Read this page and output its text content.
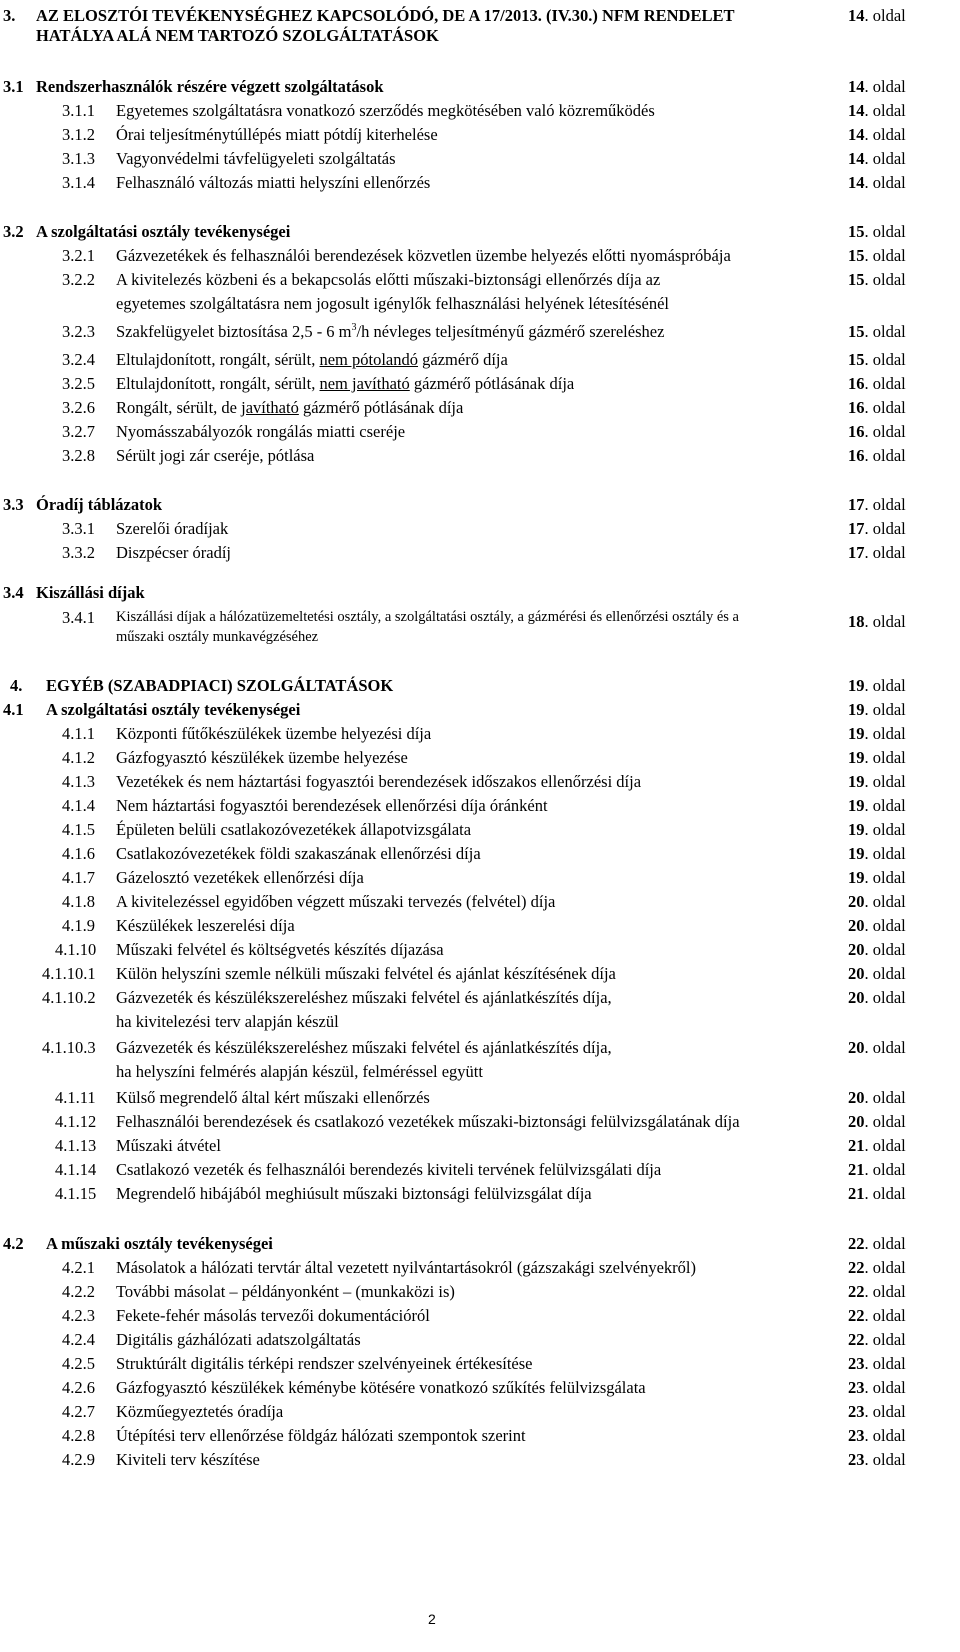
3. AZ ELOSZTÓI TEVÉKENYSÉGHEZ KAPCSOLÓDÓ, DE A 17/2013. (IV.30.) NFM RENDELET	14. oldal
HATÁLYA ALÁ NEM TARTOZÓ SZOLGÁLTATÁSOK
3.1 Rendszerhasználók részére végzett szolgáltatások	14. oldal
3.1.1 Egyetemes szolgáltatásra vonatkozó szerződés megkötésében való közreműködés	14. oldal
3.1.2 Órai teljesítménytúllépés miatt pótdíj kiterhelése	14. oldal
3.1.3 Vagyonvédelmi távfelügyeleti szolgáltatás	14. oldal
3.1.4 Felhasználó változás miatti helyszíni ellenőrzés	14. oldal
3.2 A szolgáltatási osztály tevékenységei	15. oldal
3.2.1 Gázvezetékek és felhasználói berendezések közvetlen üzembe helyezés előtti nyomáspróbája	15. oldal
3.2.2 A kivitelezés közbeni és a bekapcsolás előtti műszaki-biztonsági ellenőrzés díja az	15. oldal
egyetemes szolgáltatásra nem jogosult igénylők felhasználási helyének létesítésénél
3.2.3 Szakfelügyelet biztosítása 2,5 - 6 $m^3/h$ névleges teljesítményű gázmérő szereléshez	15. oldal
3.2.4 Eltulajdonított, rongált, sérült, nem pótolandó gázmérő díja	15. oldal
3.2.5 Eltulajdonított, rongált, sérült, nem javítható gázmérő pótlásának díja	16. oldal
3.2.6 Rongált, sérült, de javítható gázmérő pótlásának díja	16. oldal
3.2.7 Nyomásszabályozók rongálás miatti cseréje	16. oldal
3.2.8 Sérült jogi zár cseréje, pótlása	16. oldal
3.3 Óradíj táblázatok	17. oldal
3.3.1 Szerelői óradíjak	17. oldal
3.3.2 Diszpécser óradíj	17. oldal
3.4 Kiszállási díjak
3.4.1 Kiszállási díjak a hálózatüzemeltetési osztály, a szolgáltatási osztály, a gázmérési és ellenőrzési osztály és a	18. oldal
műszaki osztály munkavégzéséhez
4. EGYÉB (SZABADPIACI) SZOLGÁLTATÁSOK	19. oldal
4.1 A szolgáltatási osztály tevékenységei	19. oldal
4.1.1 Központi fűtőkészülékek üzembe helyezési díja	19. oldal
4.1.2 Gázfogyasztó készülékek üzembe helyezése	19. oldal
4.1.3 Vezetékek és nem háztartási fogyasztói berendezések időszakos ellenőrzési díja	19. oldal
4.1.4 Nem háztartási fogyasztói berendezések ellenőrzési díja óránként	19. oldal
4.1.5 Épületen belüli csatlakozóvezetékek állapotvizsgálata	19. oldal
4.1.6 Csatlakozóvezetékek földi szakaszának ellenőrzési díja	19. oldal
4.1.7 Gázelosztó vezetékek ellenőrzési díja	19. oldal
4.1.8 A kivitelezéssel egyidőben végzett műszaki tervezés (felvétel) díja	20. oldal
4.1.9 Készülékek leszerelési díja	20. oldal
4.1.10 Műszaki felvétel és költségvetés készítés díjazása	20. oldal
4.1.10.1 Külön helyszíni szemle nélküli műszaki felvétel és ajánlat készítésének díja	20. oldal
4.1.10.2 Gázvezeték és készülékszereléshez műszaki felvétel és ajánlatkészítés díja,	20. oldal
ha kivitelezési terv alapján készül
4.1.10.3 Gázvezeték és készülékszereléshez műszaki felvétel és ajánlatkészítés díja,	20. oldal
ha helyszíni felmérés alapján készül, felméréssel együtt
4.1.11 Külső megrendelő által kért műszaki ellenőrzés	20. oldal
4.1.12 Felhasználói berendezések és csatlakozó vezetékek műszaki-biztonsági felülvizsgálatának díja	20. oldal
4.1.13 Műszaki átvétel	21. oldal
4.1.14 Csatlakozó vezeték és felhasználói berendezés kiviteli tervének felülvizsgálati díja	21. oldal
4.1.15 Megrendelő hibájából meghiúsult műszaki biztonsági felülvizsgálat díja	21. oldal
4.2 A műszaki osztály tevékenységei	22. oldal
4.2.1 Másolatok a hálózati tervtár által vezetett nyilvántartásokról (gázszakági szelvényekről)	22. oldal
4.2.2 További másolat – példányonként – (munkaközi is)	22. oldal
4.2.3 Fekete-fehér másolás tervezői dokumentációról	22. oldal
4.2.4 Digitális gázhálózati adatszolgáltatás	22. oldal
4.2.5 Struktúrált digitális térképi rendszer szelvényeinek értékesítése	23. oldal
4.2.6 Gázfogyasztó készülékek kéménybe kötésére vonatkozó szűkítés felülvizsgálata	23. oldal
4.2.7 Közműegyeztetés óradíja	23. oldal
4.2.8 Útépítési terv ellenőrzése földgáz hálózati szempontok szerint	23. oldal
4.2.9 Kiviteli terv készítése	23. oldal
2
